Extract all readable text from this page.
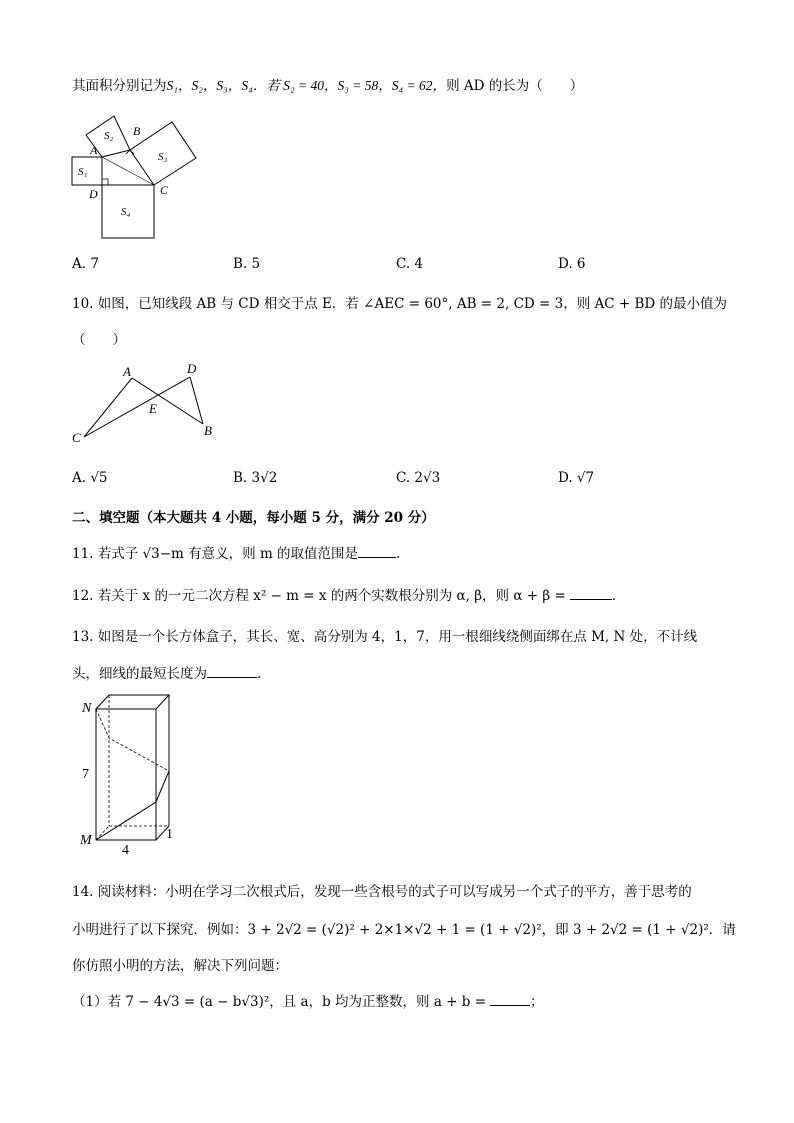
其面积分别记为S₁，S₂，S₃，S₄．若 S₂ = 40，S₃ = 58，S₄ = 62，则 AD 的长为（　　）
A
B
C
D
S₁
S₂
S₃
S₄
A. 7	B. 5	C. 4	D. 6
10. 如图，已知线段 AB 与 CD 相交于点 E．若 ∠AEC = 60°, AB = 2, CD = 3，则 AC + BD 的最小值为
（　　）
A	D
E
C	B
A. √5	B. 3√2	C. 2√3	D. √7
二、填空题（本大题共 4 小题，每小题 5 分，满分 20 分）
11. 若式子 √3−m 有意义，则 m 的取值范围是	.
12. 若关于 x 的一元二次方程 x² − m = x 的两个实数根分别为 α, β，则 α + β =	.
13. 如图是一个长方体盒子，其长、宽、高分别为 4，1，7，用一根细线绕侧面绑在点 M, N 处，不计线
头，细线的最短长度为	.
N
M
7
4
1
14. 阅读材料：小明在学习二次根式后，发现一些含根号的式子可以写成另一个式子的平方，善于思考的
小明进行了以下探究．例如：3 + 2√2 = (√2)² + 2×1×√2 + 1 = (1 + √2)²，即 3 + 2√2 = (1 + √2)²．请
你仿照小明的方法，解决下列问题：
（1）若 7 − 4√3 = (a − b√3)²，且 a，b 均为正整数，则 a + b =	；
